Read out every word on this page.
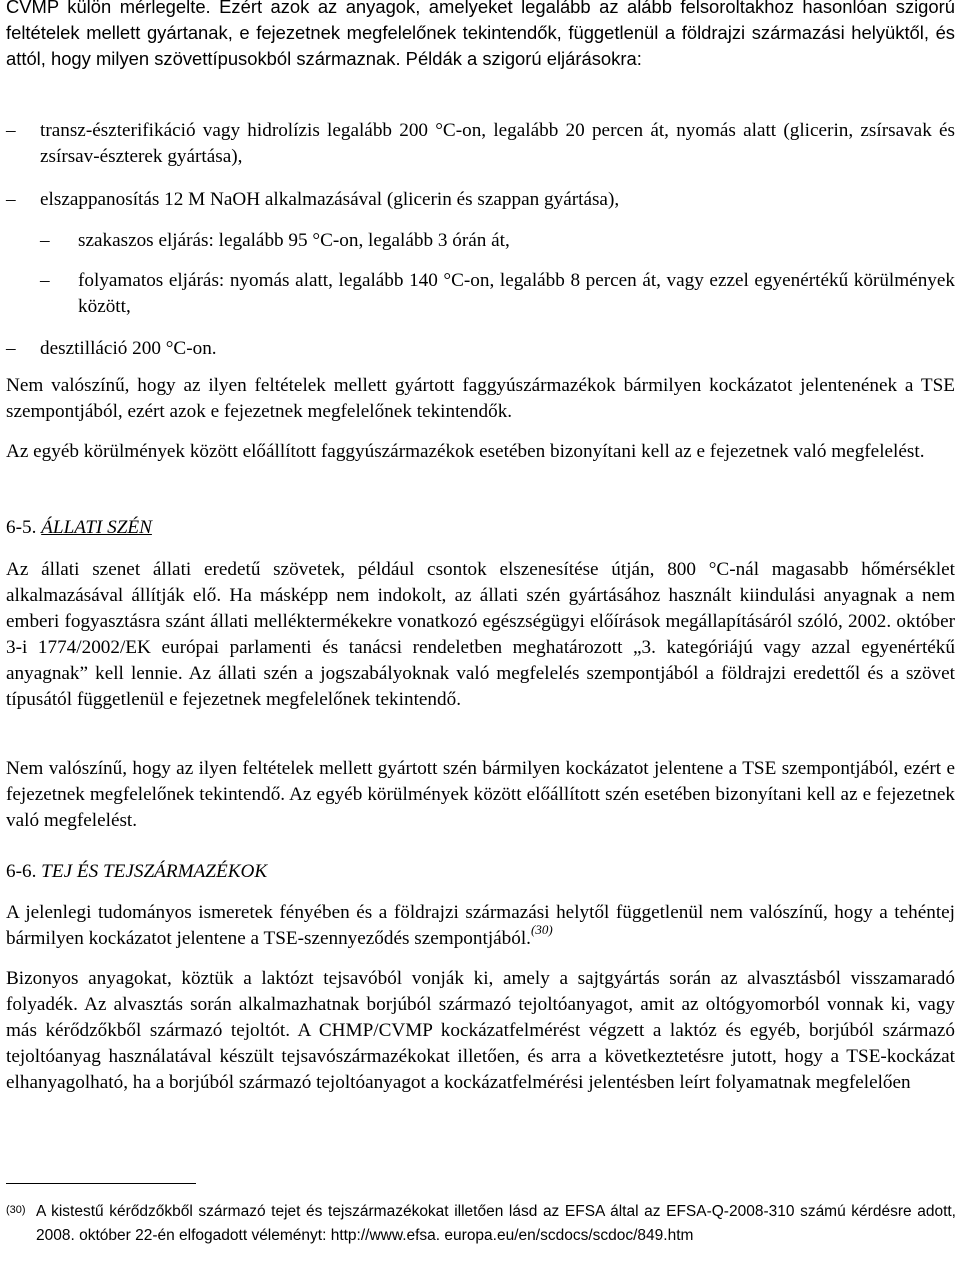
CVMP külön mérlegelte. Ezért azok az anyagok, amelyeket legalább az alább felsoroltakhoz hasonlóan szigorú feltételek mellett gyártanak, e fejezetnek megfelelőnek tekintendők, függetlenül a földrajzi származási helyüktől, és attól, hogy milyen szövettípusokból származnak. Példák a szigorú eljárásokra:

– transz-észterifikáció vagy hidrolízis legalább 200 °C-on, legalább 20 percen át, nyomás alatt (glicerin, zsírsavak és zsírsav-észterek gyártása),

– elszappanosítás 12 M NaOH alkalmazásával (glicerin és szappan gyártása),

– szakaszos eljárás: legalább 95 °C-on, legalább 3 órán át,

– folyamatos eljárás: nyomás alatt, legalább 140 °C-on, legalább 8 percen át, vagy ezzel egyenértékű körülmények között,

– desztilláció 200 °C-on.

Nem valószínű, hogy az ilyen feltételek mellett gyártott faggyúszármazékok bármilyen kockázatot jelentenének a TSE szempontjából, ezért azok e fejezetnek megfelelőnek tekintendők.

Az egyéb körülmények között előállított faggyúszármazékok esetében bizonyítani kell az e fejezetnek való megfelelést.

6-5. ÁLLATI SZÉN

Az állati szenet állati eredetű szövetek, például csontok elszenesítése útján, 800 °C-nál magasabb hőmérséklet alkalmazásával állítják elő. Ha másképp nem indokolt, az állati szén gyártásához használt kiindulási anyagnak a nem emberi fogyasztásra szánt állati melléktermékekre vonatkozó egészségügyi előírások megállapításáról szóló, 2002. október 3-i 1774/2002/EK európai parlamenti és tanácsi rendeletben meghatározott „3. kategóriájú vagy azzal egyenértékű anyagnak” kell lennie. Az állati szén a jogszabályoknak való megfelelés szempontjából a földrajzi eredettől és a szövet típusától függetlenül e fejezetnek megfelelőnek tekintendő.

Nem valószínű, hogy az ilyen feltételek mellett gyártott szén bármilyen kockázatot jelentene a TSE szempontjából, ezért e fejezetnek megfelelőnek tekintendő. Az egyéb körülmények között előállított szén esetében bizonyítani kell az e fejezetnek való megfelelést.

6-6. TEJ ÉS TEJSZÁRMAZÉKOK

A jelenlegi tudományos ismeretek fényében és a földrajzi származási helytől függetlenül nem valószínű, hogy a tehéntej bármilyen kockázatot jelentene a TSE-szennyeződés szempontjából.$^{(30)}$

Bizonyos anyagokat, köztük a laktózt tejsavóból vonják ki, amely a sajtgyártás során az alvasztásból visszamaradó folyadék. Az alvasztás során alkalmazhatnak borjúból származó tejoltóanyagot, amit az oltógyomorból vonnak ki, vagy más kérődzőkből származó tejoltót. A CHMP/CVMP kockázatfelmérést végzett a laktóz és egyéb, borjúból származó tejoltóanyag használatával készült tejsavószármazékokat illetően, és arra a következtetésre jutott, hogy a TSE-kockázat elhanyagolható, ha a borjúból származó tejoltóanyagot a kockázatfelmérési jelentésben leírt folyamatnak megfelelően

(30) A kistestű kérődzőkből származó tejet és tejszármazékokat illetően lásd az EFSA által az EFSA-Q-2008-310 számú kérdésre adott, 2008. október 22-én elfogadott véleményt: http://www.efsa. europa.eu/en/scdocs/scdoc/849.htm
